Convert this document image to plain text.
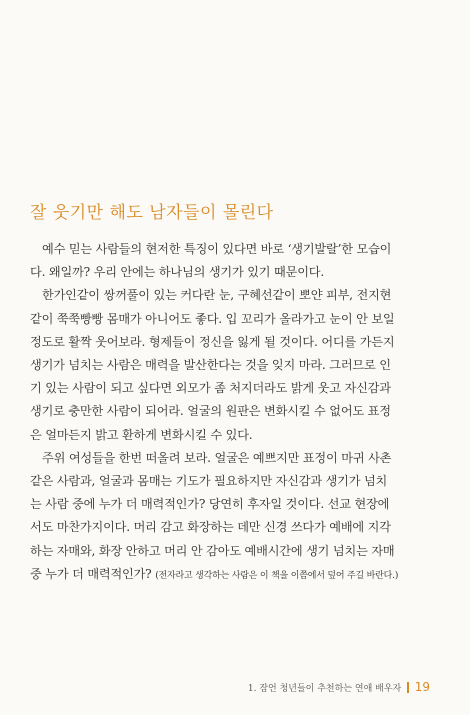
잘 웃기만 해도 남자들이 몰린다

예수 믿는 사람들의 현저한 특징이 있다면 바로 ‘생기발랄’한 모습이
다. 왜일까? 우리 안에는 하나님의 생기가 있기 때문이다.

한가인같이 쌍꺼풀이 있는 커다란 눈, 구혜선같이 뽀얀 피부, 전지현
같이 쭉쭉빵빵 몸매가 아니어도 좋다. 입 꼬리가 올라가고 눈이 안 보일
정도로 활짝 웃어보라. 형제들이 정신을 잃게 될 것이다. 어디를 가든지
생기가 넘치는 사람은 매력을 발산한다는 것을 잊지 마라. 그러므로 인
기 있는 사람이 되고 싶다면 외모가 좀 처지더라도 밝게 웃고 자신감과
생기로 충만한 사람이 되어라. 얼굴의 원판은 변화시킬 수 없어도 표정
은 얼마든지 밝고 환하게 변화시킬 수 있다.

주위 여성들을 한번 떠올려 보라. 얼굴은 예쁘지만 표정이 마귀 사촌
같은 사람과, 얼굴과 몸매는 기도가 필요하지만 자신감과 생기가 넘치
는 사람 중에 누가 더 매력적인가? 당연히 후자일 것이다. 선교 현장에
서도 마찬가지이다. 머리 감고 화장하는 데만 신경 쓰다가 예배에 지각
하는 자매와, 화장 안하고 머리 안 감아도 예배시간에 생기 넘치는 자매
중 누가 더 매력적인가? (전자라고 생각하는 사람은 이 책을 이쯤에서 덮어 주길 바란다.)

1. 잠언 청년들이 추천하는 연애 배우자 19
